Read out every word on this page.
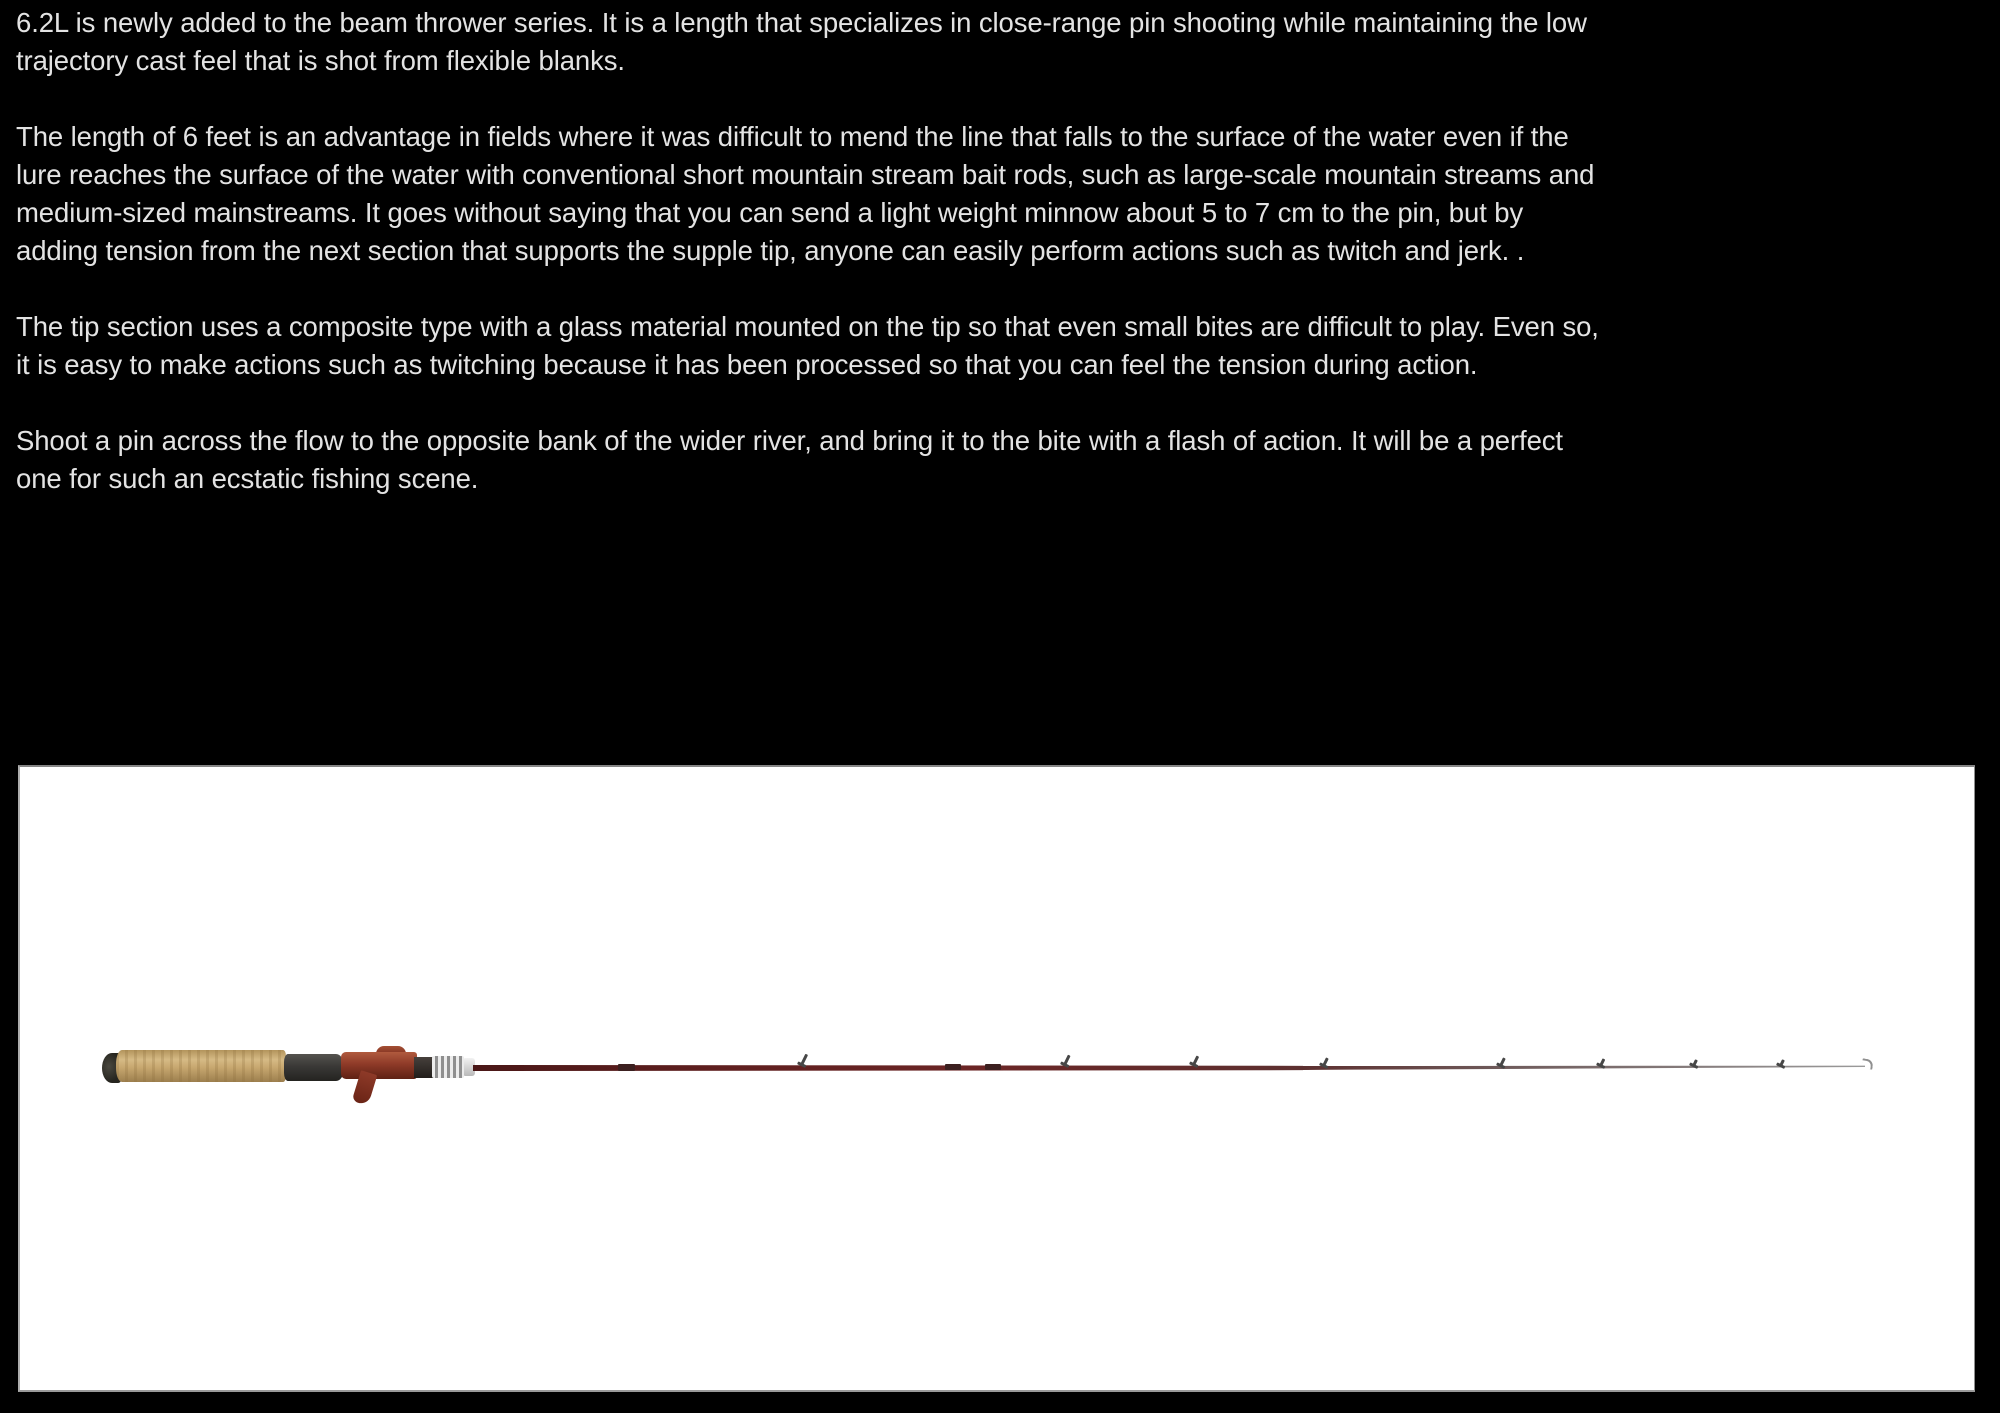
6.2L is newly added to the beam thrower series. It is a length that specializes in close-range pin shooting while maintaining the low
trajectory cast feel that is shot from flexible blanks.

The length of 6 feet is an advantage in fields where it was difficult to mend the line that falls to the surface of the water even if the
lure reaches the surface of the water with conventional short mountain stream bait rods, such as large-scale mountain streams and
medium-sized mainstreams. It goes without saying that you can send a light weight minnow about 5 to 7 cm to the pin, but by
adding tension from the next section that supports the supple tip, anyone can easily perform actions such as twitch and jerk. .

The tip section uses a composite type with a glass material mounted on the tip so that even small bites are difficult to play. Even so,
it is easy to make actions such as twitching because it has been processed so that you can feel the tension during action.

Shoot a pin across the flow to the opposite bank of the wider river, and bring it to the bite with a flash of action. It will be a perfect
one for such an ecstatic fishing scene.
